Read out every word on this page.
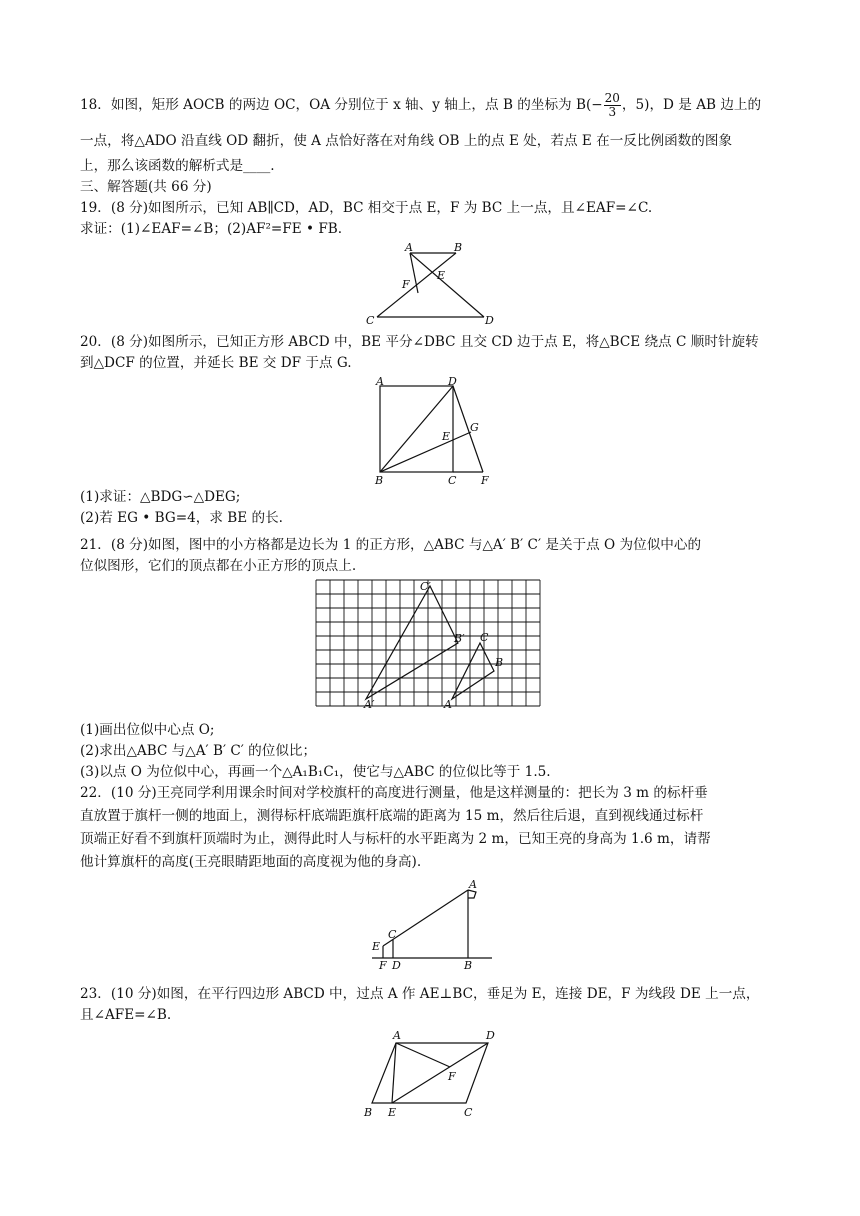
18．如图，矩形 AOCB 的两边 OC，OA 分别位于 x 轴、y 轴上，点 B 的坐标为 $B(- \frac{20}{3}$ ，5)，D 是 AB 边上的
一点，将△ADO 沿直线 OD 翻折，使 A 点恰好落在对角线 OB 上的点 E 处，若点 E 在一反比例函数的图象
上，那么该函数的解析式是____.
三、解答题(共 66 分)
19．(8 分)如图所示，已知 AB∥CD，AD，BC 相交于点 E，F 为 BC 上一点，且∠EAF=∠C.
求证：(1)∠EAF=∠B；(2)AF²=FE • FB.
A	B
E
F
C	D
20．(8 分)如图所示，已知正方形 ABCD 中，BE 平分∠DBC 且交 CD 边于点 E，将△BCE 绕点 C 顺时针旋转
到△DCF 的位置，并延长 BE 交 DF 于点 G.
A	D
G
E
B	C F
(1)求证：△BDG∽△DEG;
(2)若 EG • BG=4，求 BE 的长.
21．(8 分)如图，图中的小方格都是边长为 1 的正方形，△ABC 与△A′ B′ C′ 是关于点 O 为位似中心的
位似图形，它们的顶点都在小正方形的顶点上.
C′
B′ C
B
A′	A
(1)画出位似中心点 O;
(2)求出△ABC 与△A′ B′ C′ 的位似比；
(3)以点 O 为位似中心，再画一个△A₁B₁C₁，使它与△ABC 的位似比等于 1.5.
22．(10 分)王亮同学利用课余时间对学校旗杆的高度进行测量，他是这样测量的：把长为 3 m 的标杆垂
直放置于旗杆一侧的地面上，测得标杆底端距旗杆底端的距离为 15 m，然后往后退，直到视线通过标杆
顶端正好看不到旗杆顶端时为止，测得此时人与标杆的水平距离为 2 m，已知王亮的身高为 1.6 m，请帮
他计算旗杆的高度(王亮眼睛距地面的高度视为他的身高).
A
C
E
F D	B
23．(10 分)如图，在平行四边形 ABCD 中，过点 A 作 AE⊥BC，垂足为 E，连接 DE，F 为线段 DE 上一点，
且∠AFE=∠B.
A	D
F
B E	C
